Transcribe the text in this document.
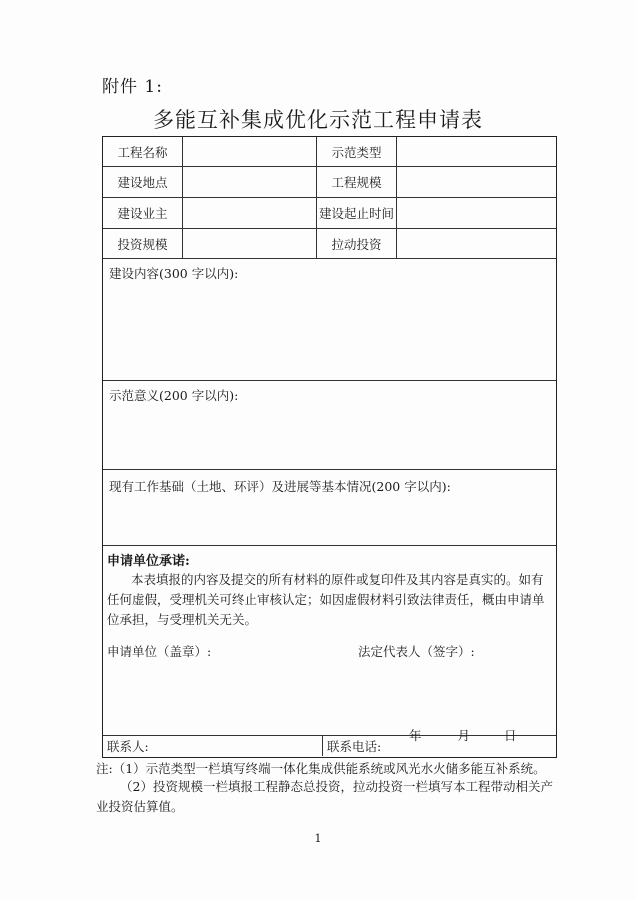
附件 1:
多能互补集成优化示范工程申请表
工程名称	示范类型
建设地点	工程规模
建设业主	建设起止时间
投资规模	拉动投资
建设内容(300 字以内):
示范意义(200 字以内):
现有工作基础（土地、环评）及进展等基本情况(200 字以内):
申请单位承诺:
本表填报的内容及提交的所有材料的原件或复印件及其内容是真实的。如有任何虚假，受理机关可终止审核认定；如因虚假材料引致法律责任，概由申请单位承担，与受理机关无关。
申请单位（盖章）:	法定代表人（签字）:
年	月	日
联系人:	联系电话:
注:（1）示范类型一栏填写终端一体化集成供能系统或风光水火储多能互补系统。
（2）投资规模一栏填报工程静态总投资，拉动投资一栏填写本工程带动相关产业投资估算值。
1
